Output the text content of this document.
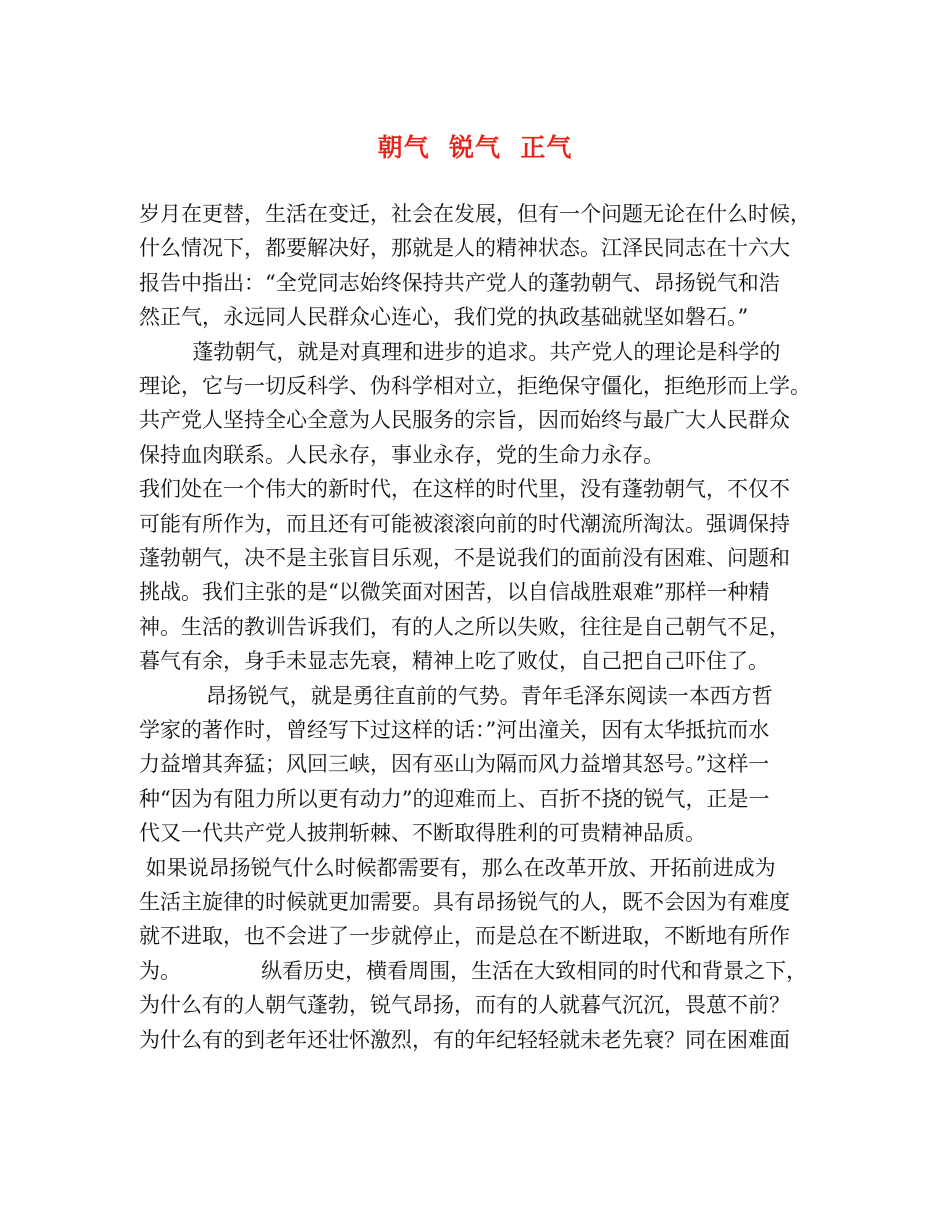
朝气  锐气  正气
岁月在更替，生活在变迁，社会在发展，但有一个问题无论在什么时候，
什么情况下，都要解决好，那就是人的精神状态。江泽民同志在十六大
报告中指出：“全党同志始终保持共产党人的蓬勃朝气、昂扬锐气和浩
然正气，永远同人民群众心连心，我们党的执政基础就坚如磐石。”
蓬勃朝气，就是对真理和进步的追求。共产党人的理论是科学的
理论，它与一切反科学、伪科学相对立，拒绝保守僵化，拒绝形而上学。
共产党人坚持全心全意为人民服务的宗旨，因而始终与最广大人民群众
保持血肉联系。人民永存，事业永存，党的生命力永存。
我们处在一个伟大的新时代，在这样的时代里，没有蓬勃朝气，不仅不
可能有所作为，而且还有可能被滚滚向前的时代潮流所淘汰。强调保持
蓬勃朝气，决不是主张盲目乐观，不是说我们的面前没有困难、问题和
挑战。我们主张的是“以微笑面对困苦，以自信战胜艰难”那样一种精
神。生活的教训告诉我们，有的人之所以失败，往往是自己朝气不足，
暮气有余，身手未显志先衰，精神上吃了败仗，自己把自己吓住了。
昂扬锐气，就是勇往直前的气势。青年毛泽东阅读一本西方哲
学家的著作时，曾经写下过这样的话：”河出潼关，因有太华抵抗而水
力益增其奔猛；风回三峡，因有巫山为隔而风力益增其怒号。”这样一
种“因为有阻力所以更有动力”的迎难而上、百折不挠的锐气，正是一
代又一代共产党人披荆斩棘、不断取得胜利的可贵精神品质。
如果说昂扬锐气什么时候都需要有，那么在改革开放、开拓前进成为
生活主旋律的时候就更加需要。具有昂扬锐气的人，既不会因为有难度
就不进取，也不会进了一步就停止，而是总在不断进取，不断地有所作
为。            纵看历史，横看周围，生活在大致相同的时代和背景之下，
为什么有的人朝气蓬勃，锐气昂扬，而有的人就暮气沉沉，畏葸不前？
为什么有的到老年还壮怀激烈，有的年纪轻轻就未老先衰？同在困难面
